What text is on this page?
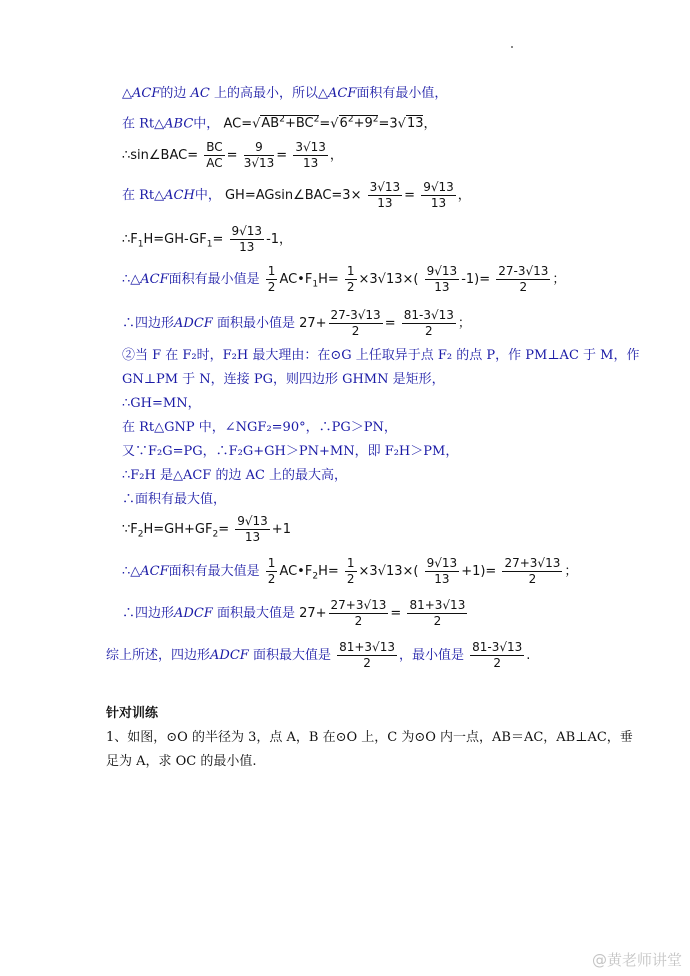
△ACF的边 AC 上的高最小，所以△ACF面积有最小值，
在 Rt△ABC中， $AC=√AB^2+BC^2=√6^2+9^2=3√13$，
∴sin∠BAC= $\frac{BC}{AC} = \frac{9}{3√13} = \frac{3√13}{13}$ ，
在 Rt△ACH中， GH=AGsin∠BAC=3× $\frac{3√13}{13} = \frac{9√13}{13}$ ，
$\therefore F_1H=GH-GF_1= \frac{9√13}{13} -1$，
∴△ACF面积有最小值是 $\frac{1}{2}$ $AC•F_1H= \frac{1}{2} \times 3√13\times( \frac{9√13}{13} -1)= \frac{27-3√13}{2}$ ；
∴四边形ADCF 面积最小值是 $27+ \frac{27-3√13}{2} = \frac{81-3√13}{2}$ ；
②当 F 在 F₂时，F₂H 最大理由：在⊙G 上任取异于点 F₂ 的点 P，作 PM⊥AC 于 M，作
GN⊥PM 于 N，连接 PG，则四边形 GHMN 是矩形，
∴GH=MN，
在 Rt△GNP 中，∠NGF₂=90°，∴PG＞PN，
又∵F₂G=PG，∴F₂G+GH＞PN+MN，即 F₂H＞PM，
∴F₂H 是△ACF 的边 AC 上的最大高，
∴面积有最大值，
$\because F_2H=GH+GF_2= \frac{9√13}{13} +1$
∴△ACF面积有最大值是 $\frac{1}{2}$ $AC•F_2H= \frac{1}{2} \times 3√13\times( \frac{9√13}{13} +1)= \frac{27+3√13}{2}$ ；
∴四边形ADCF 面积最大值是 $27+ \frac{27+3√13}{2} = \frac{81+3√13}{2}$
综上所述，四边形ADCF 面积最大值是 $\frac{81+3√13}{2}$ ，最小值是 $\frac{81-3√13}{2}$ .
针对训练
1、如图，⊙O 的半径为 3，点 A，B 在⊙O 上，C 为⊙O 内一点，AB＝AC，AB⊥AC，垂
足为 A，求 OC 的最小值.
@黄老师讲堂
